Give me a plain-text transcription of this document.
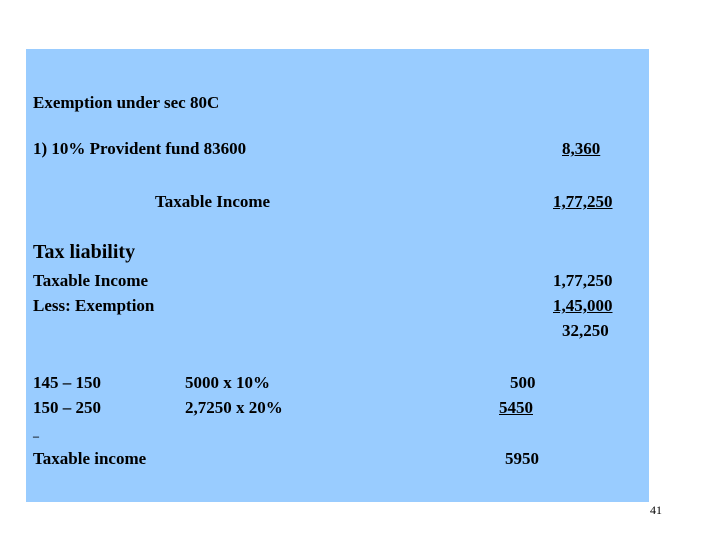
Exemption under sec 80C
1) 10% Provident fund 83600	8,360
Taxable Income	1,77,250
Tax liability
Taxable Income	1,77,250
Less: Exemption	1,45,000
32,250
145 – 150	5000 x 10%	500
150 – 250	2,7250 x 20%	5450
_
Taxable income	5950
41
